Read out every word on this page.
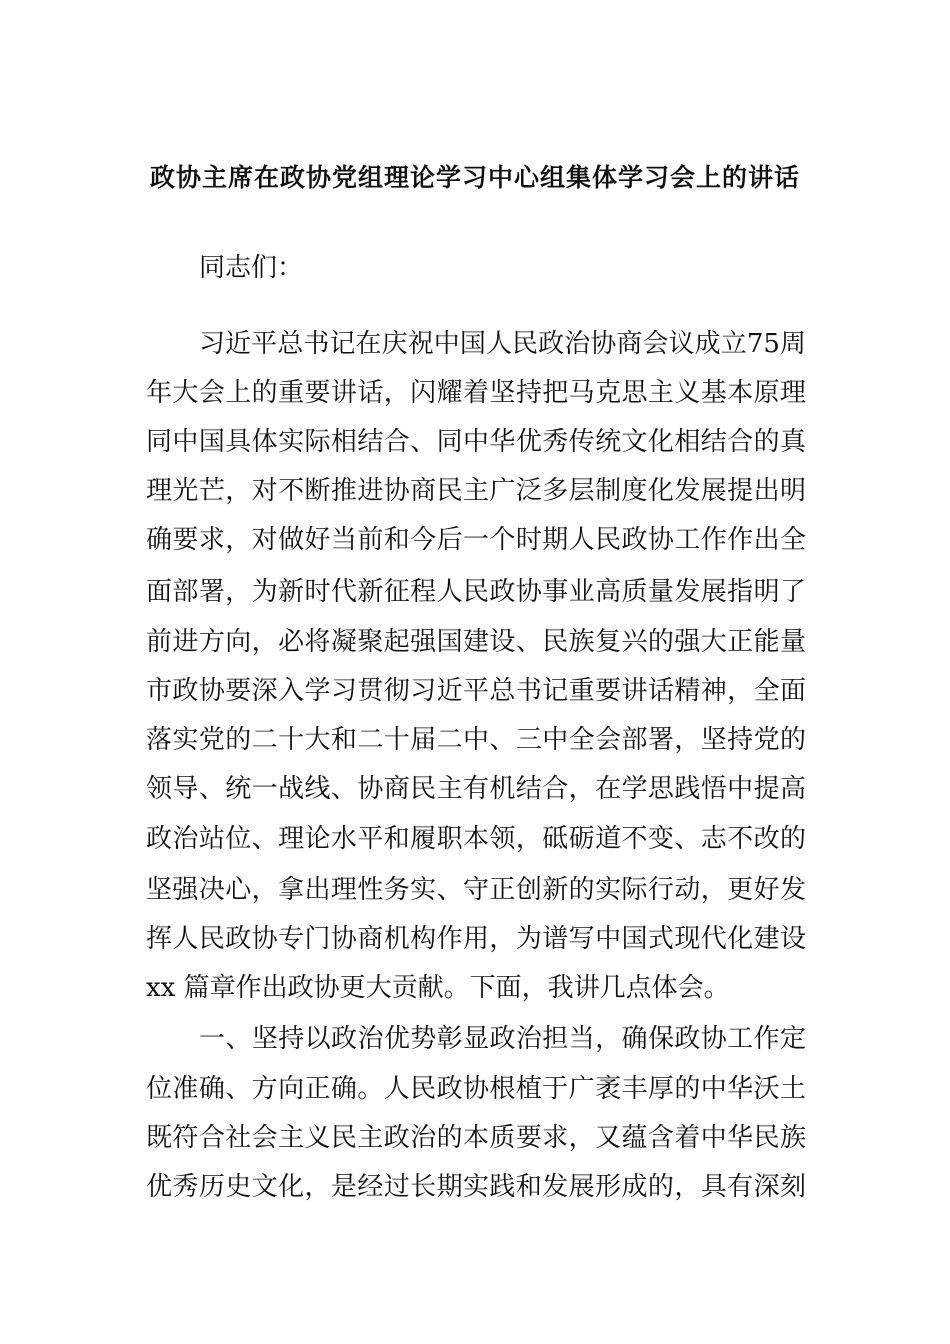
政协主席在政协党组理论学习中心组集体学习会上的讲话

同志们：

习近平总书记在庆祝中国人民政治协商会议成立75周

年大会上的重要讲话，闪耀着坚持把马克思主义基本原理

同中国具体实际相结合、同中华优秀传统文化相结合的真

理光芒，对不断推进协商民主广泛多层制度化发展提出明

确要求，对做好当前和今后一个时期人民政协工作作出全

面部署，为新时代新征程人民政协事业高质量发展指明了

前进方向，必将凝聚起强国建设、民族复兴的强大正能量

市政协要深入学习贯彻习近平总书记重要讲话精神，全面

落实党的二十大和二十届二中、三中全会部署，坚持党的

领导、统一战线、协商民主有机结合，在学思践悟中提高

政治站位、理论水平和履职本领，砥砺道不变、志不改的

坚强决心，拿出理性务实、守正创新的实际行动，更好发

挥人民政协专门协商机构作用，为谱写中国式现代化建设

xx 篇章作出政协更大贡献。下面，我讲几点体会。

一、坚持以政治优势彰显政治担当，确保政协工作定

位准确、方向正确。人民政协根植于广袤丰厚的中华沃土

既符合社会主义民主政治的本质要求，又蕴含着中华民族

优秀历史文化，是经过长期实践和发展形成的，具有深刻
